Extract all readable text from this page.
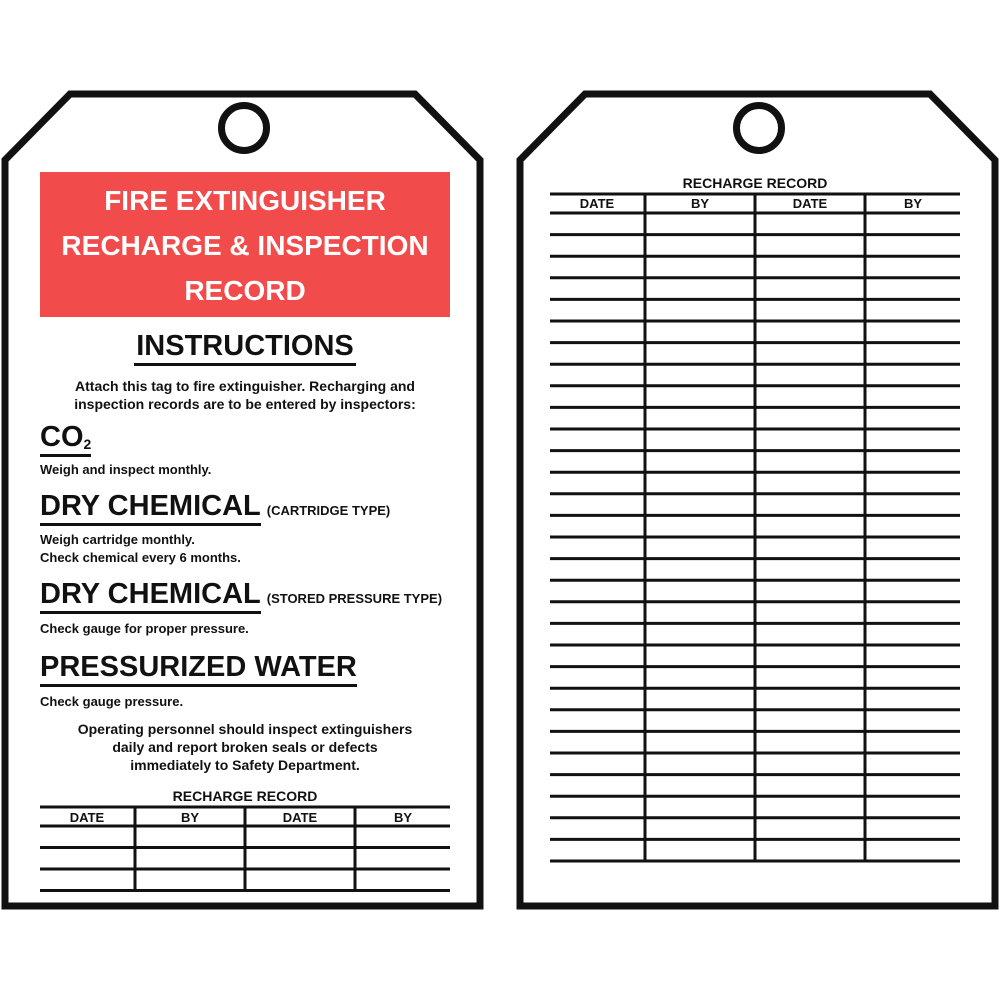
FIRE EXTINGUISHER
RECHARGE & INSPECTION
RECORD
INSTRUCTIONS
Attach this tag to fire extinguisher. Recharging and
inspection records are to be entered by inspectors:
CO2
Weigh and inspect monthly.
DRY CHEMICAL (CARTRIDGE TYPE)
Weigh cartridge monthly.
Check chemical every 6 months.
DRY CHEMICAL (STORED PRESSURE TYPE)
Check gauge for proper pressure.
PRESSURIZED WATER
Check gauge pressure.
Operating personnel should inspect extinguishers
daily and report broken seals or defects
immediately to Safety Department.
RECHARGE RECORD
DATE	BY	DATE	BY
RECHARGE RECORD
DATE	BY	DATE	BY
